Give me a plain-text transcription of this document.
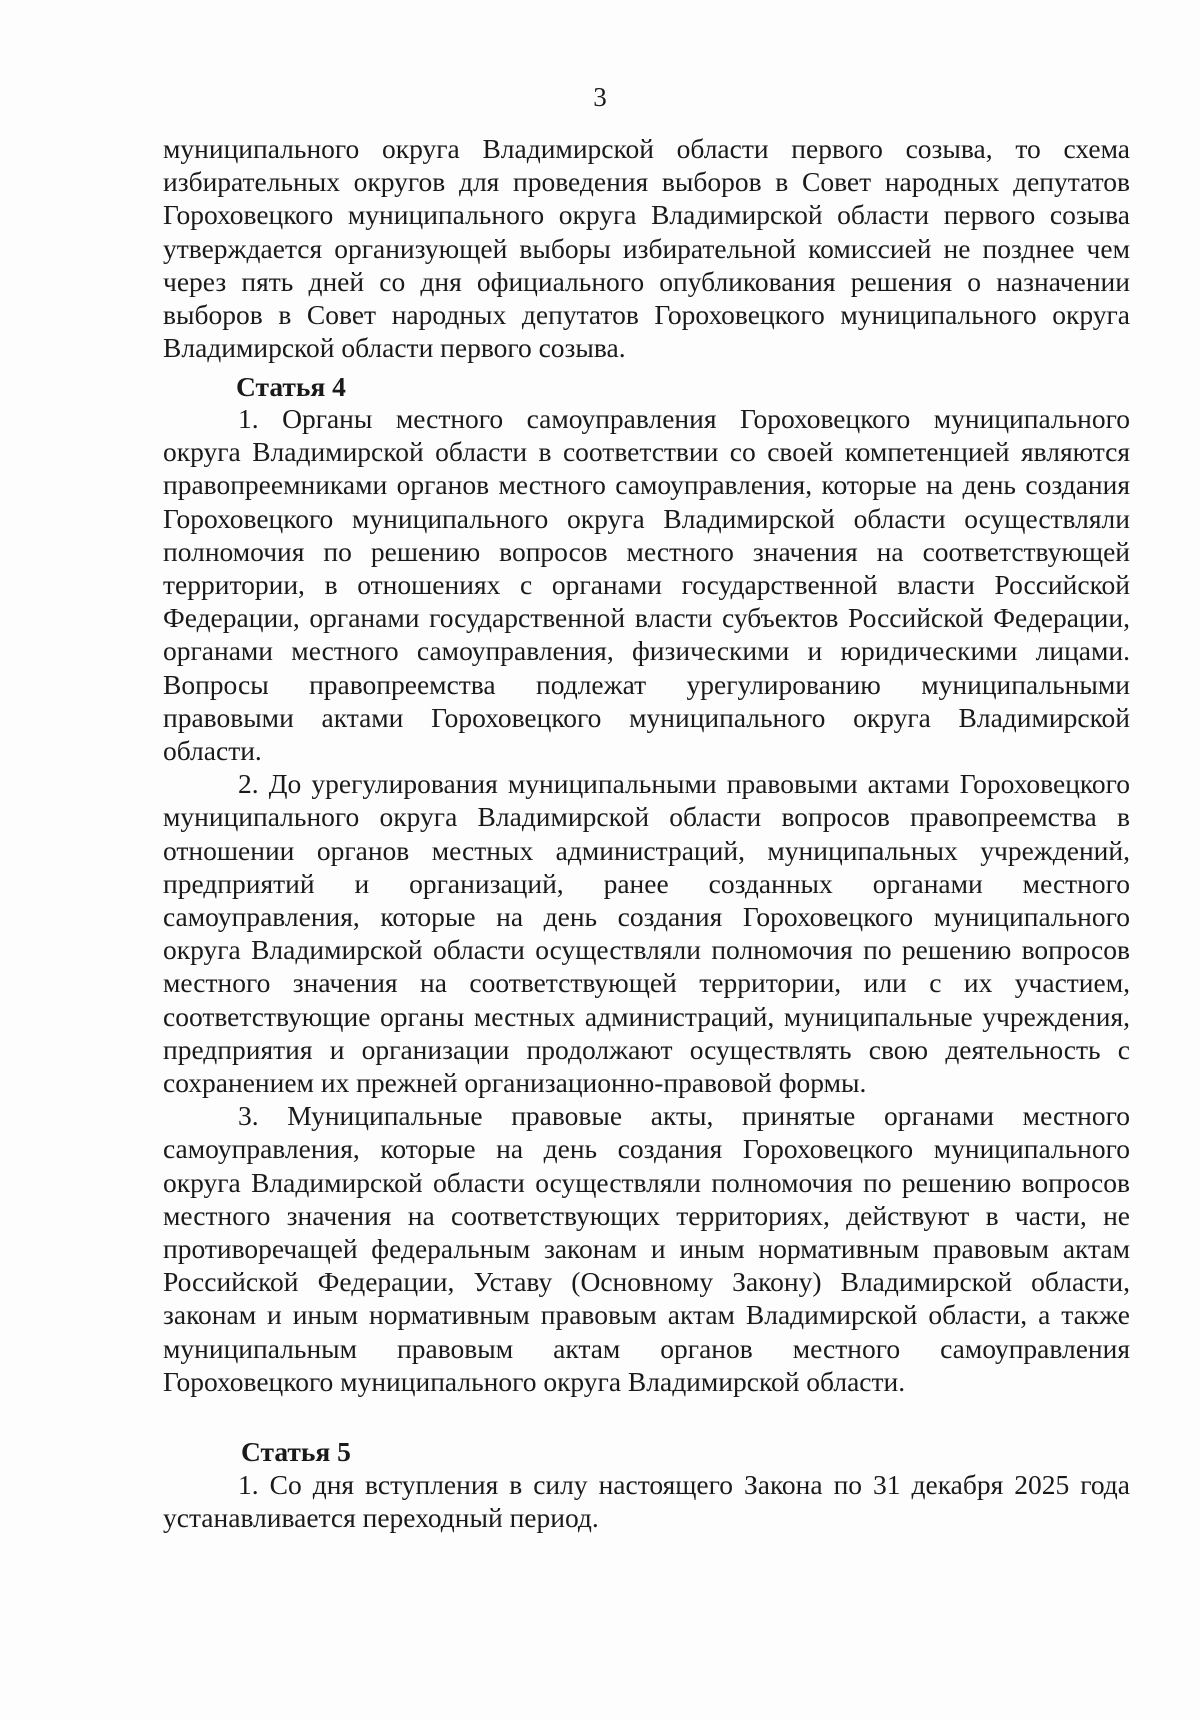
3

муниципального округа Владимирской области первого созыва, то схема избирательных округов для проведения выборов в Совет народных депутатов Гороховецкого муниципального округа Владимирской области первого созыва утверждается организующей выборы избирательной комиссией не позднее чем через пять дней со дня официального опубликования решения о назначении выборов в Совет народных депутатов Гороховецкого муниципального округа Владимирской области первого созыва.

Статья 4

1. Органы местного самоуправления Гороховецкого муниципального округа Владимирской области в соответствии со своей компетенцией являются правопреемниками органов местного самоуправления, которые на день создания Гороховецкого муниципального округа Владимирской области осуществляли полномочия по решению вопросов местного значения на соответствующей территории, в отношениях с органами государственной власти Российской Федерации, органами государственной власти субъектов Российской Федерации, органами местного самоуправления, физическими и юридическими лицами. Вопросы правопреемства подлежат урегулированию муниципальными правовыми актами Гороховецкого муниципального округа Владимирской области.

2. До урегулирования муниципальными правовыми актами Гороховецкого муниципального округа Владимирской области вопросов правопреемства в отношении органов местных администраций, муниципальных учреждений, предприятий и организаций, ранее созданных органами местного самоуправления, которые на день создания Гороховецкого муниципального округа Владимирской области осуществляли полномочия по решению вопросов местного значения на соответствующей территории, или с их участием, соответствующие органы местных администраций, муниципальные учреждения, предприятия и организации продолжают осуществлять свою деятельность с сохранением их прежней организационно-правовой формы.

3. Муниципальные правовые акты, принятые органами местного самоуправления, которые на день создания Гороховецкого муниципального округа Владимирской области осуществляли полномочия по решению вопросов местного значения на соответствующих территориях, действуют в части, не противоречащей федеральным законам и иным нормативным правовым актам Российской Федерации, Уставу (Основному Закону) Владимирской области, законам и иным нормативным правовым актам Владимирской области, а также муниципальным правовым актам органов местного самоуправления Гороховецкого муниципального округа Владимирской области.

Статья 5

1. Со дня вступления в силу настоящего Закона по 31 декабря 2025 года устанавливается переходный период.
